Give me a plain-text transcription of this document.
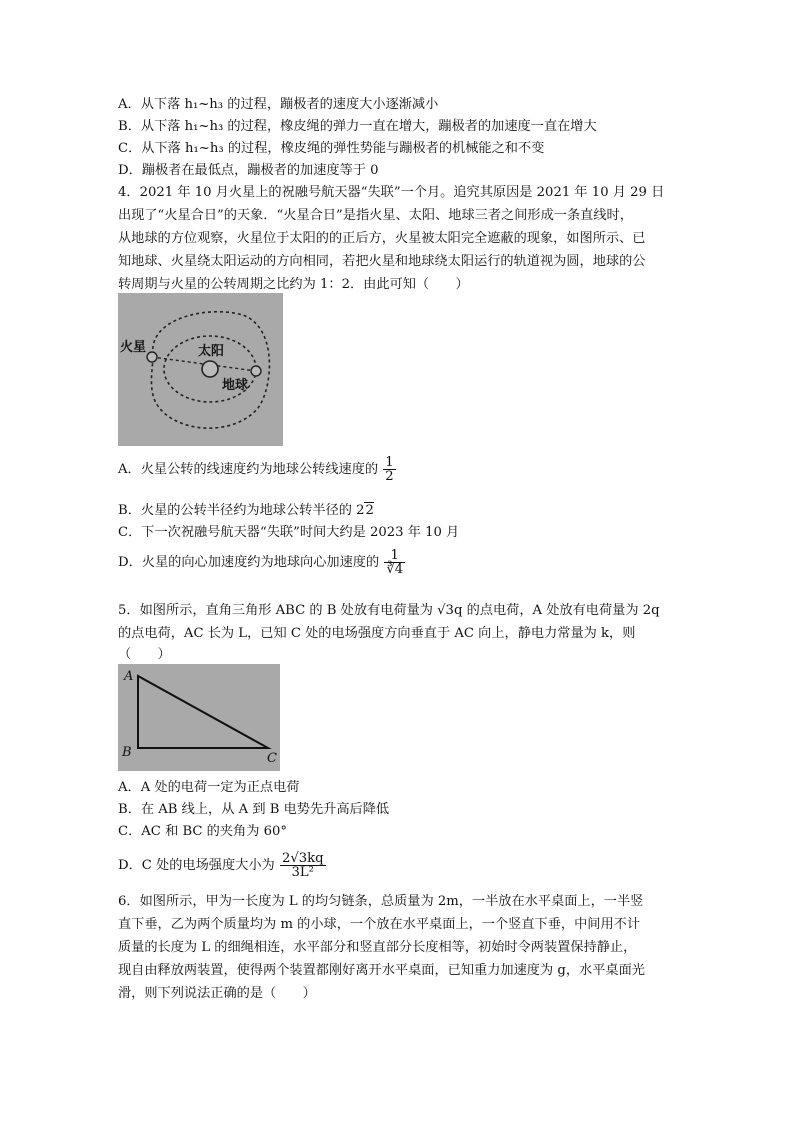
A．从下落 h₁~h₃ 的过程，蹦极者的速度大小逐渐减小
B．从下落 h₁~h₃ 的过程，橡皮绳的弹力一直在增大，蹦极者的加速度一直在增大
C．从下落 h₁~h₃ 的过程，橡皮绳的弹性势能与蹦极者的机械能之和不变
D．蹦极者在最低点，蹦极者的加速度等于 0
4．2021 年 10 月火星上的祝融号航天器“失联”一个月。追究其原因是 2021 年 10 月 29 日
出现了“火星合日”的天象．“火星合日”是指火星、太阳、地球三者之间形成一条直线时，
从地球的方位观察，火星位于太阳的的正后方，火星被太阳完全遮蔽的现象，如图所示、已
知地球、火星绕太阳运动的方向相同，若把火星和地球绕太阳运行的轨道视为圆，地球的公
转周期与火星的公转周期之比约为 1：2．由此可知（　　）
火星	太阳
地球
A．火星公转的线速度约为地球公转线速度的 $\frac{1}{2}$
B．火星的公转半径约为地球公转半径的 22
C．下一次祝融号航天器“失联”时间大约是 2023 年 10 月
D．火星的向心加速度约为地球向心加速度的 $\frac{1}{∛4}$
5．如图所示，直角三角形 ABC 的 B 处放有电荷量为 √3q 的点电荷，A 处放有电荷量为 2q
的点电荷，AC 长为 L，已知 C 处的电场强度方向垂直于 AC 向上，静电力常量为 k，则
（　　）
A
B	C
A．A 处的电荷一定为正点电荷
B．在 AB 线上，从 A 到 B 电势先升高后降低
C．AC 和 BC 的夹角为 60°
D．C 处的电场强度大小为 $\frac{2√3kq}{\text{3L²}}$
6．如图所示，甲为一长度为 L 的均匀链条，总质量为 2m，一半放在水平桌面上，一半竖
直下垂，乙为两个质量均为 m 的小球，一个放在水平桌面上，一个竖直下垂，中间用不计
质量的长度为 L 的细绳相连，水平部分和竖直部分长度相等，初始时令两装置保持静止，
现自由释放两装置，使得两个装置都刚好离开水平桌面，已知重力加速度为 g，水平桌面光
滑，则下列说法正确的是（　　）
